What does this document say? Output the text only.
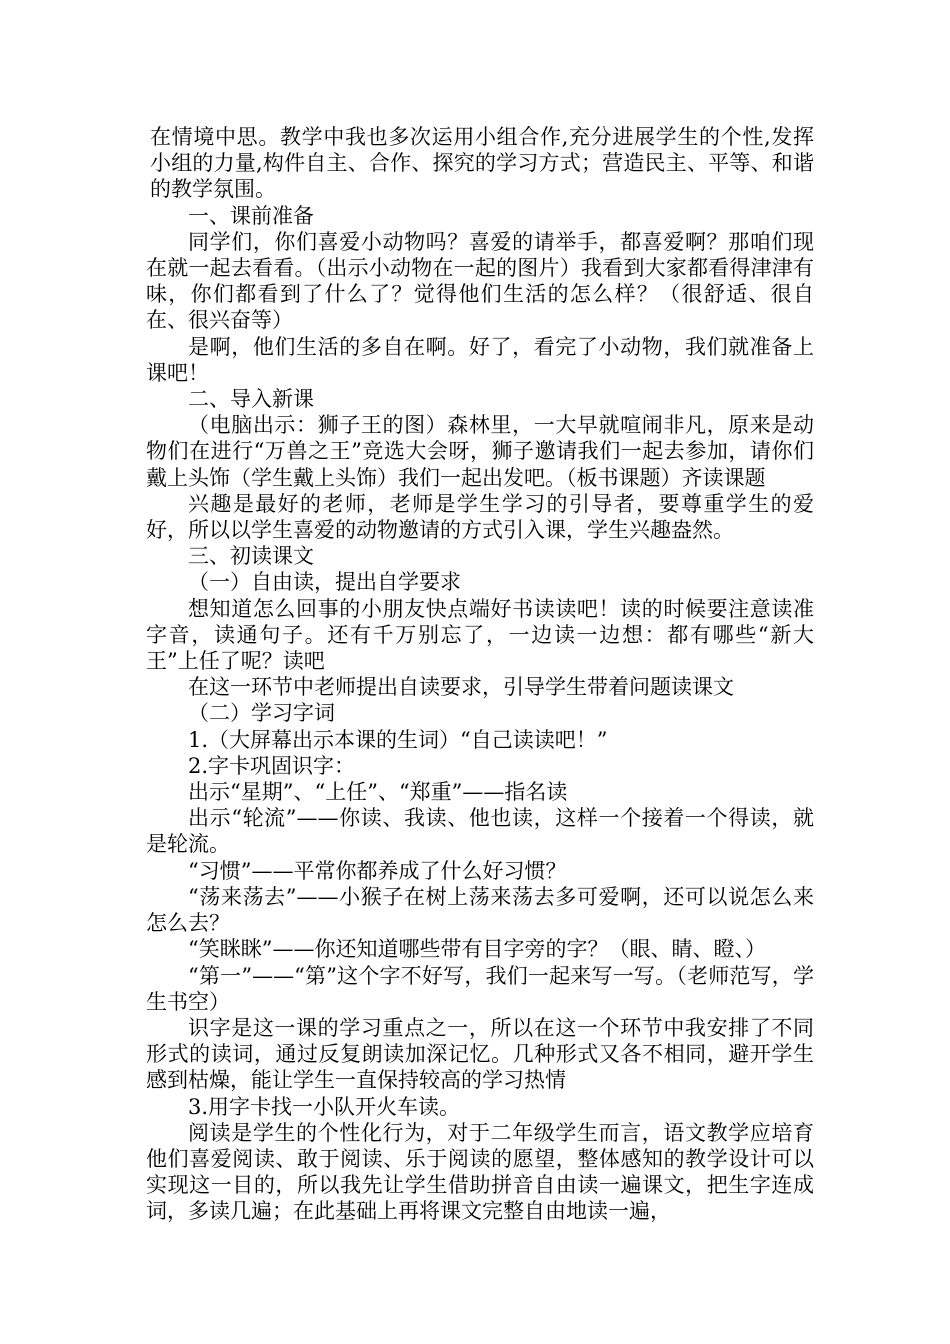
在情境中思。教学中我也多次运用小组合作,充分进展学生的个性,发挥小组的力量,构件自主、合作、探究的学习方式；营造民主、平等、和谐的教学氛围。

一、课前准备

同学们，你们喜爱小动物吗？喜爱的请举手，都喜爱啊？那咱们现在就一起去看看。（出示小动物在一起的图片）我看到大家都看得津津有味，你们都看到了什么了？觉得他们生活的怎么样？（很舒适、很自在、很兴奋等）

是啊，他们生活的多自在啊。好了，看完了小动物，我们就准备上课吧！

二、导入新课

（电脑出示：狮子王的图）森林里，一大早就喧闹非凡，原来是动物们在进行“万兽之王”竞选大会呀，狮子邀请我们一起去参加，请你们戴上头饰（学生戴上头饰）我们一起出发吧。（板书课题）齐读课题

兴趣是最好的老师，老师是学生学习的引导者，要尊重学生的爱好，所以以学生喜爱的动物邀请的方式引入课，学生兴趣盎然。

三、初读课文

（一）自由读，提出自学要求

想知道怎么回事的小朋友快点端好书读读吧！读的时候要注意读准字音，读通句子。还有千万别忘了，一边读一边想：都有哪些“新大王”上任了呢？读吧

在这一环节中老师提出自读要求，引导学生带着问题读课文

（二）学习字词

1.（大屏幕出示本课的生词）“自己读读吧！”

2.字卡巩固识字：

出示“星期”、“上任”、“郑重”——指名读

出示“轮流”——你读、我读、他也读，这样一个接着一个得读，就是轮流。

“习惯”——平常你都养成了什么好习惯？

“荡来荡去”——小猴子在树上荡来荡去多可爱啊，还可以说怎么来怎么去？

“笑眯眯”——你还知道哪些带有目字旁的字？（眼、睛、瞪、）

“第一”——“第”这个字不好写，我们一起来写一写。（老师范写，学生书空）

识字是这一课的学习重点之一，所以在这一个环节中我安排了不同形式的读词，通过反复朗读加深记忆。几种形式又各不相同，避开学生感到枯燥，能让学生一直保持较高的学习热情

3.用字卡找一小队开火车读。

阅读是学生的个性化行为，对于二年级学生而言，语文教学应培育他们喜爱阅读、敢于阅读、乐于阅读的愿望，整体感知的教学设计可以实现这一目的，所以我先让学生借助拼音自由读一遍课文，把生字连成词，多读几遍；在此基础上再将课文完整自由地读一遍，
